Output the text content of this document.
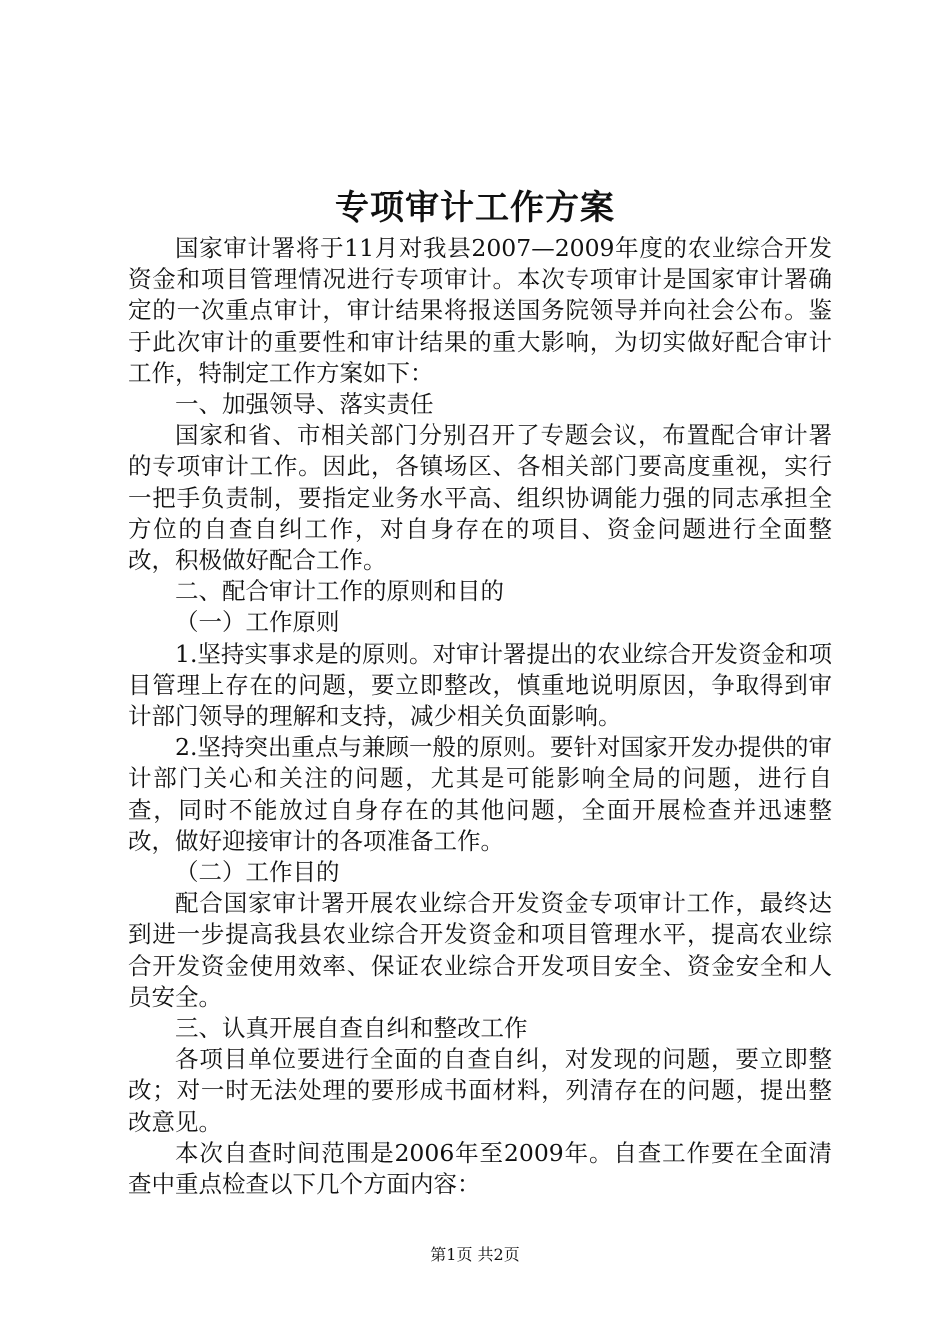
专项审计工作方案

国家审计署将于11月对我县2007—2009年度的农业综合开发资金和项目管理情况进行专项审计。本次专项审计是国家审计署确定的一次重点审计，审计结果将报送国务院领导并向社会公布。鉴于此次审计的重要性和审计结果的重大影响，为切实做好配合审计工作，特制定工作方案如下：

一、加强领导、落实责任

国家和省、市相关部门分别召开了专题会议，布置配合审计署的专项审计工作。因此，各镇场区、各相关部门要高度重视，实行一把手负责制，要指定业务水平高、组织协调能力强的同志承担全方位的自查自纠工作，对自身存在的项目、资金问题进行全面整改，积极做好配合工作。

二、配合审计工作的原则和目的

（一）工作原则

1.坚持实事求是的原则。对审计署提出的农业综合开发资金和项目管理上存在的问题，要立即整改，慎重地说明原因，争取得到审计部门领导的理解和支持，减少相关负面影响。

2.坚持突出重点与兼顾一般的原则。要针对国家开发办提供的审计部门关心和关注的问题，尤其是可能影响全局的问题，进行自查，同时不能放过自身存在的其他问题，全面开展检查并迅速整改，做好迎接审计的各项准备工作。

（二）工作目的

配合国家审计署开展农业综合开发资金专项审计工作，最终达到进一步提高我县农业综合开发资金和项目管理水平，提高农业综合开发资金使用效率、保证农业综合开发项目安全、资金安全和人员安全。

三、认真开展自查自纠和整改工作

各项目单位要进行全面的自查自纠，对发现的问题，要立即整改；对一时无法处理的要形成书面材料，列清存在的问题，提出整改意见。

本次自查时间范围是2006年至2009年。自查工作要在全面清查中重点检查以下几个方面内容：

第1页 共2页
